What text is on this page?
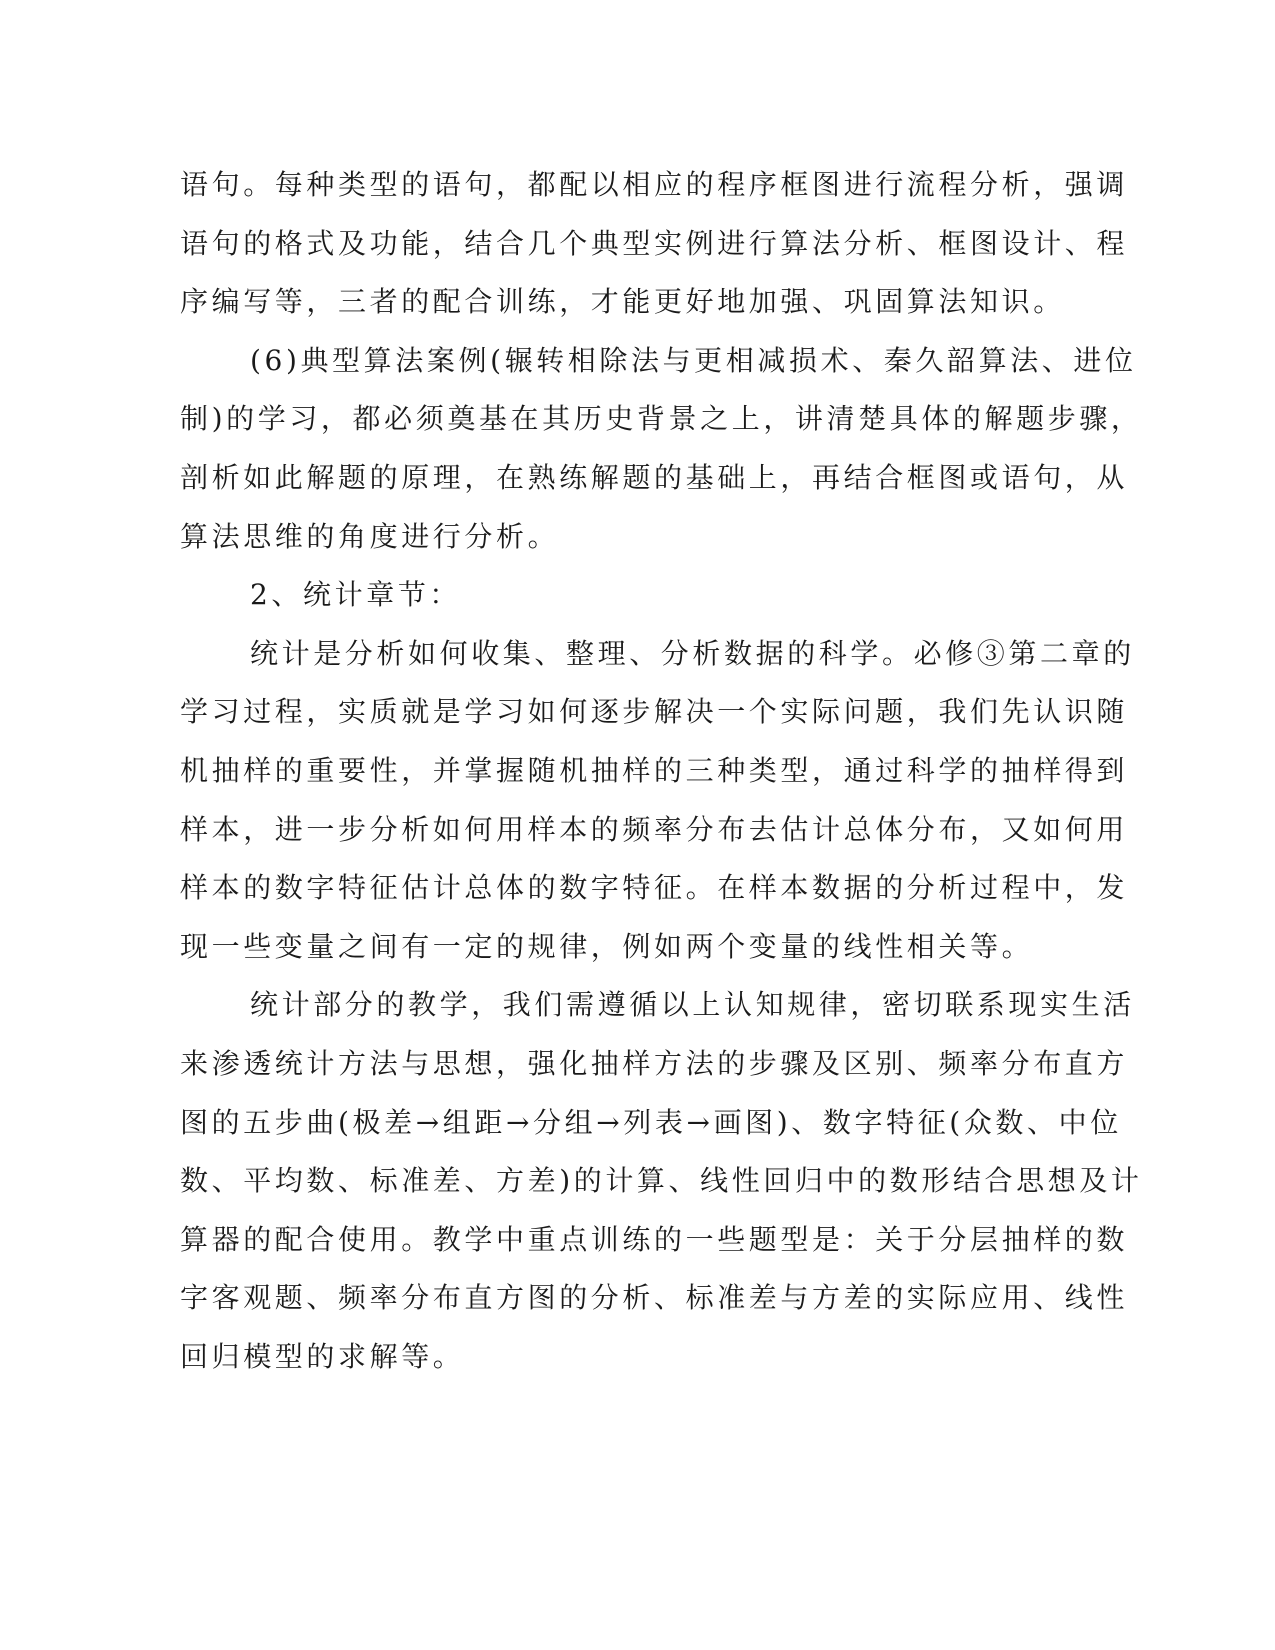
语句。每种类型的语句，都配以相应的程序框图进行流程分析，强调
语句的格式及功能，结合几个典型实例进行算法分析、框图设计、程
序编写等，三者的配合训练，才能更好地加强、巩固算法知识。

(6)典型算法案例(辗转相除法与更相减损术、秦久韶算法、进位
制)的学习，都必须奠基在其历史背景之上，讲清楚具体的解题步骤，
剖析如此解题的原理，在熟练解题的基础上，再结合框图或语句，从
算法思维的角度进行分析。

2、统计章节：

统计是分析如何收集、整理、分析数据的科学。必修③第二章的
学习过程，实质就是学习如何逐步解决一个实际问题，我们先认识随
机抽样的重要性，并掌握随机抽样的三种类型，通过科学的抽样得到
样本，进一步分析如何用样本的频率分布去估计总体分布，又如何用
样本的数字特征估计总体的数字特征。在样本数据的分析过程中，发
现一些变量之间有一定的规律，例如两个变量的线性相关等。

统计部分的教学，我们需遵循以上认知规律，密切联系现实生活
来渗透统计方法与思想，强化抽样方法的步骤及区别、频率分布直方
图的五步曲(极差→组距→分组→列表→画图)、数字特征(众数、中位
数、平均数、标准差、方差)的计算、线性回归中的数形结合思想及计
算器的配合使用。教学中重点训练的一些题型是：关于分层抽样的数
字客观题、频率分布直方图的分析、标准差与方差的实际应用、线性
回归模型的求解等。
